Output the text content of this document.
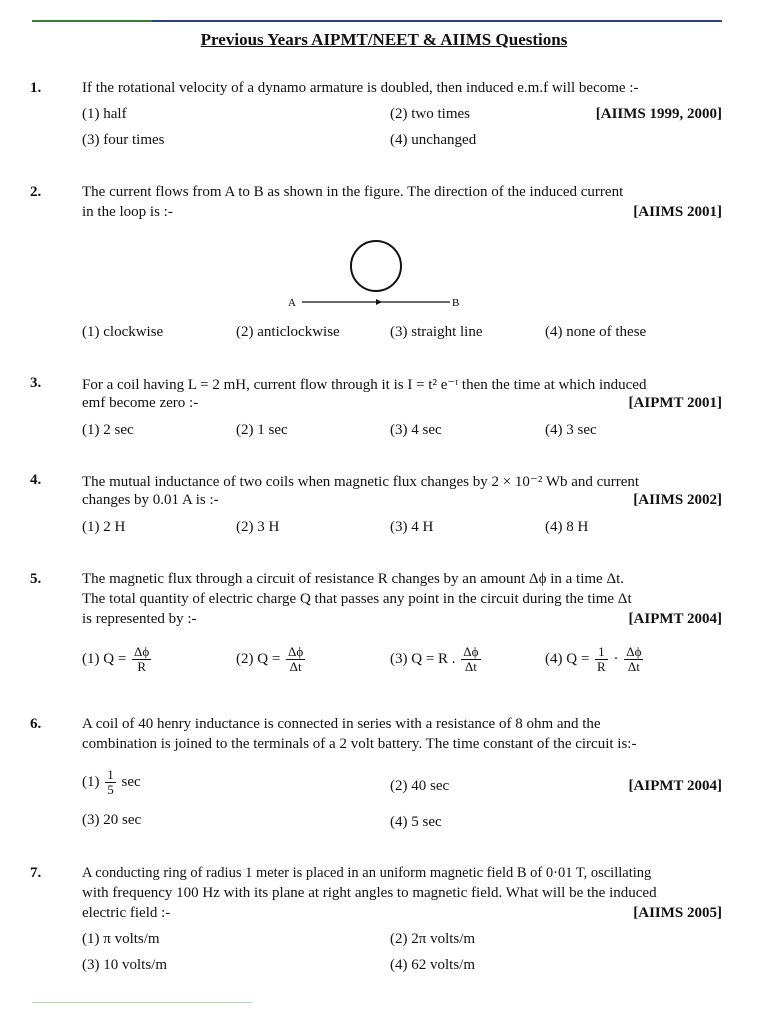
Previous Years AIPMT/NEET & AIIMS Questions
1.	If the rotational velocity of a dynamo armature is doubled, then induced e.m.f will become :-
(1) half	(2) two times	[AIIMS 1999, 2000]
(3) four times	(4) unchanged
2.	The current flows from A to B as shown in the figure. The direction of the induced current
in the loop is :-	[AIIMS 2001]
A	B
(1) clockwise	(2) anticlockwise	(3) straight line	(4) none of these
3.	For a coil having L = 2 mH, current flow through it is I = t² e⁻ᵗ then the time at which induced
emf become zero :-	[AIPMT 2001]
(1) 2 sec	(2) 1 sec	(3) 4 sec	(4) 3 sec
4.	The mutual inductance of two coils when magnetic flux changes by 2 × 10⁻² Wb and current
changes by 0.01 A is :-	[AIIMS 2002]
(1) 2 H	(2) 3 H	(3) 4 H	(4) 8 H
5.	The magnetic flux through a circuit of resistance R changes by an amount Δϕ in a time Δt.
The total quantity of electric charge Q that passes any point in the circuit during the time Δt
is represented by :-	[AIPMT 2004]
(1) $Q = \frac{\Delta\phi}{R}$	(2) $Q = \frac{\Delta\phi}{\Delta t}$	(3) Q = R . $\frac{\Delta\phi}{\Delta t}$	(4) $Q = \frac{1}{R} \cdot \frac{\Delta\phi}{\Delta t}$
6.	A coil of 40 henry inductance is connected in series with a resistance of 8 ohm and the
combination is joined to the terminals of a 2 volt battery. The time constant of the circuit is:-
$(1) \frac{1}{5}$ sec	(2) 40 sec	[AIPMT 2004]
(3) 20 sec	(4) 5 sec
7.	A conducting ring of radius 1 meter is placed in an uniform magnetic field B of 0·01 T, oscillating
with frequency 100 Hz with its plane at right angles to magnetic field. What will be the induced
electric field :-	[AIIMS 2005]
(1) π volts/m	(2) 2π volts/m
(3) 10 volts/m	(4) 62 volts/m
